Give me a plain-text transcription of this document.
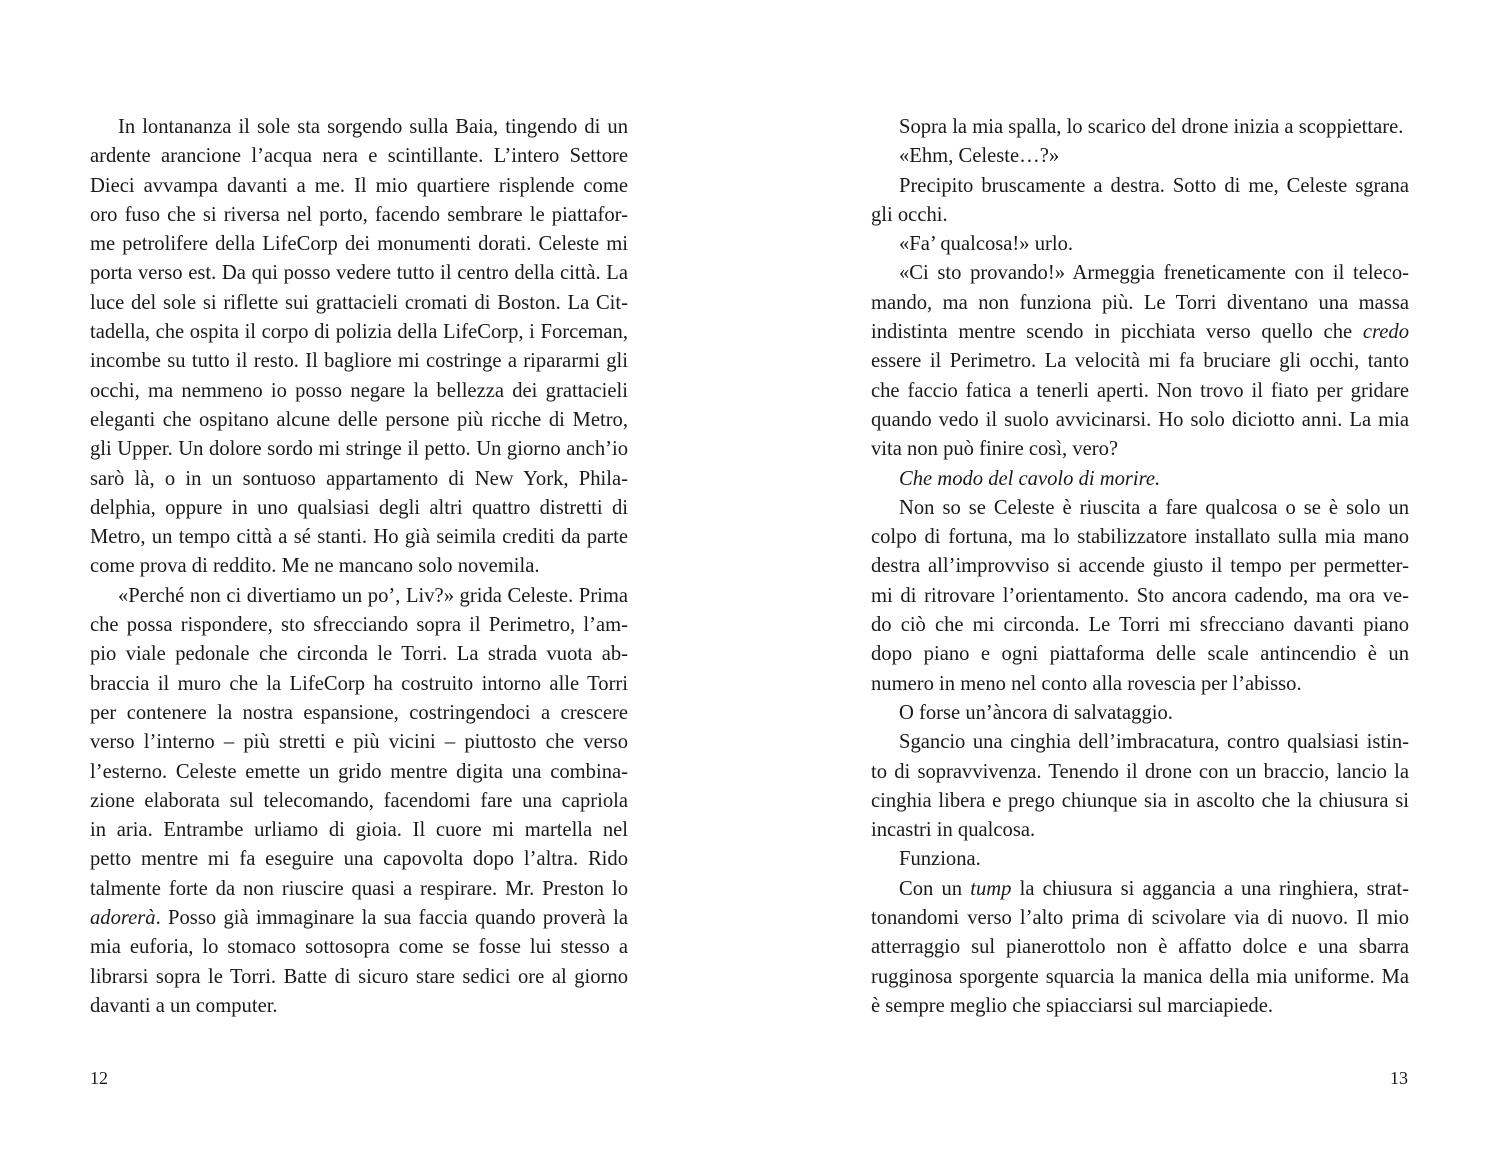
In lontananza il sole sta sorgendo sulla Baia, tingendo di un
ardente arancione l’acqua nera e scintillante. L’intero Settore
Dieci avvampa davanti a me. Il mio quartiere risplende come
oro fuso che si riversa nel porto, facendo sembrare le piattafor-
me petrolifere della LifeCorp dei monumenti dorati. Celeste mi
porta verso est. Da qui posso vedere tutto il centro della città. La
luce del sole si riflette sui grattacieli cromati di Boston. La Cit-
tadella, che ospita il corpo di polizia della LifeCorp, i Forceman,
incombe su tutto il resto. Il bagliore mi costringe a ripararmi gli
occhi, ma nemmeno io posso negare la bellezza dei grattacieli
eleganti che ospitano alcune delle persone più ricche di Metro,
gli Upper. Un dolore sordo mi stringe il petto. Un giorno anch’io
sarò là, o in un sontuoso appartamento di New York, Phila-
delphia, oppure in uno qualsiasi degli altri quattro distretti di
Metro, un tempo città a sé stanti. Ho già seimila crediti da parte
come prova di reddito. Me ne mancano solo novemila.
«Perché non ci divertiamo un po’, Liv?» grida Celeste. Prima
che possa rispondere, sto sfrecciando sopra il Perimetro, l’am-
pio viale pedonale che circonda le Torri. La strada vuota ab-
braccia il muro che la LifeCorp ha costruito intorno alle Torri
per contenere la nostra espansione, costringendoci a crescere
verso l’interno – più stretti e più vicini – piuttosto che verso
l’esterno. Celeste emette un grido mentre digita una combina-
zione elaborata sul telecomando, facendomi fare una capriola
in aria. Entrambe urliamo di gioia. Il cuore mi martella nel
petto mentre mi fa eseguire una capovolta dopo l’altra. Rido
talmente forte da non riuscire quasi a respirare. Mr. Preston lo
adorerà. Posso già immaginare la sua faccia quando proverà la
mia euforia, lo stomaco sottosopra come se fosse lui stesso a
librarsi sopra le Torri. Batte di sicuro stare sedici ore al giorno
davanti a un computer.
12
Sopra la mia spalla, lo scarico del drone inizia a scoppiettare.
«Ehm, Celeste…?»
Precipito bruscamente a destra. Sotto di me, Celeste sgrana
gli occhi.
«Fa’ qualcosa!» urlo.
«Ci sto provando!» Armeggia freneticamente con il teleco-
mando, ma non funziona più. Le Torri diventano una massa
indistinta mentre scendo in picchiata verso quello che credo
essere il Perimetro. La velocità mi fa bruciare gli occhi, tanto
che faccio fatica a tenerli aperti. Non trovo il fiato per gridare
quando vedo il suolo avvicinarsi. Ho solo diciotto anni. La mia
vita non può finire così, vero?
Che modo del cavolo di morire.
Non so se Celeste è riuscita a fare qualcosa o se è solo un
colpo di fortuna, ma lo stabilizzatore installato sulla mia mano
destra all’improvviso si accende giusto il tempo per permetter-
mi di ritrovare l’orientamento. Sto ancora cadendo, ma ora ve-
do ciò che mi circonda. Le Torri mi sfrecciano davanti piano
dopo piano e ogni piattaforma delle scale antincendio è un
numero in meno nel conto alla rovescia per l’abisso.
O forse un’àncora di salvataggio.
Sgancio una cinghia dell’imbracatura, contro qualsiasi istin-
to di sopravvivenza. Tenendo il drone con un braccio, lancio la
cinghia libera e prego chiunque sia in ascolto che la chiusura si
incastri in qualcosa.
Funziona.
Con un tump la chiusura si aggancia a una ringhiera, strat-
tonandomi verso l’alto prima di scivolare via di nuovo. Il mio
atterraggio sul pianerottolo non è affatto dolce e una sbarra
rugginosa sporgente squarcia la manica della mia uniforme. Ma
è sempre meglio che spiacciarsi sul marciapiede.
13
